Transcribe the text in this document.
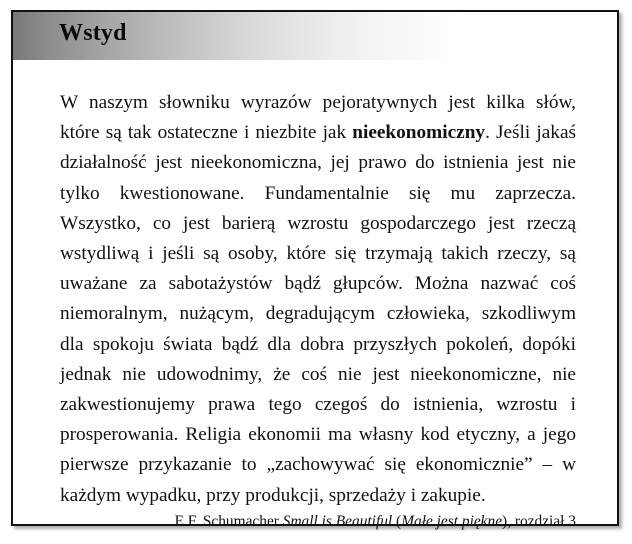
Wstyd

W naszym słowniku wyrazów pejoratywnych jest kilka słów, które są tak ostateczne i niezbite jak nieekonomiczny. Jeśli jakaś działalność jest nieekonomiczna, jej prawo do istnienia jest nie tylko kwestionowane. Fundamentalnie się mu zaprzecza. Wszystko, co jest barierą wzrostu gospodarczego jest rzeczą wstydliwą i jeśli są osoby, które się trzymają takich rzeczy, są uważane za sabotażystów bądź głupców. Można nazwać coś niemoralnym, nużącym, degradującym człowieka, szkodliwym dla spokoju świata bądź dla dobra przyszłych pokoleń, dopóki jednak nie udowodnimy, że coś nie jest nieekonomiczne, nie zakwestionujemy prawa tego czegoś do istnienia, wzrostu i prosperowania. Religia ekonomii ma własny kod etyczny, a jego pierwsze przykazanie to „zachowywać się ekonomicznie” – w każdym wypadku, przy produkcji, sprzedaży i zakupie.

E.F. Schumacher Small is Beautiful (Małe jest piękne), rozdział 3
